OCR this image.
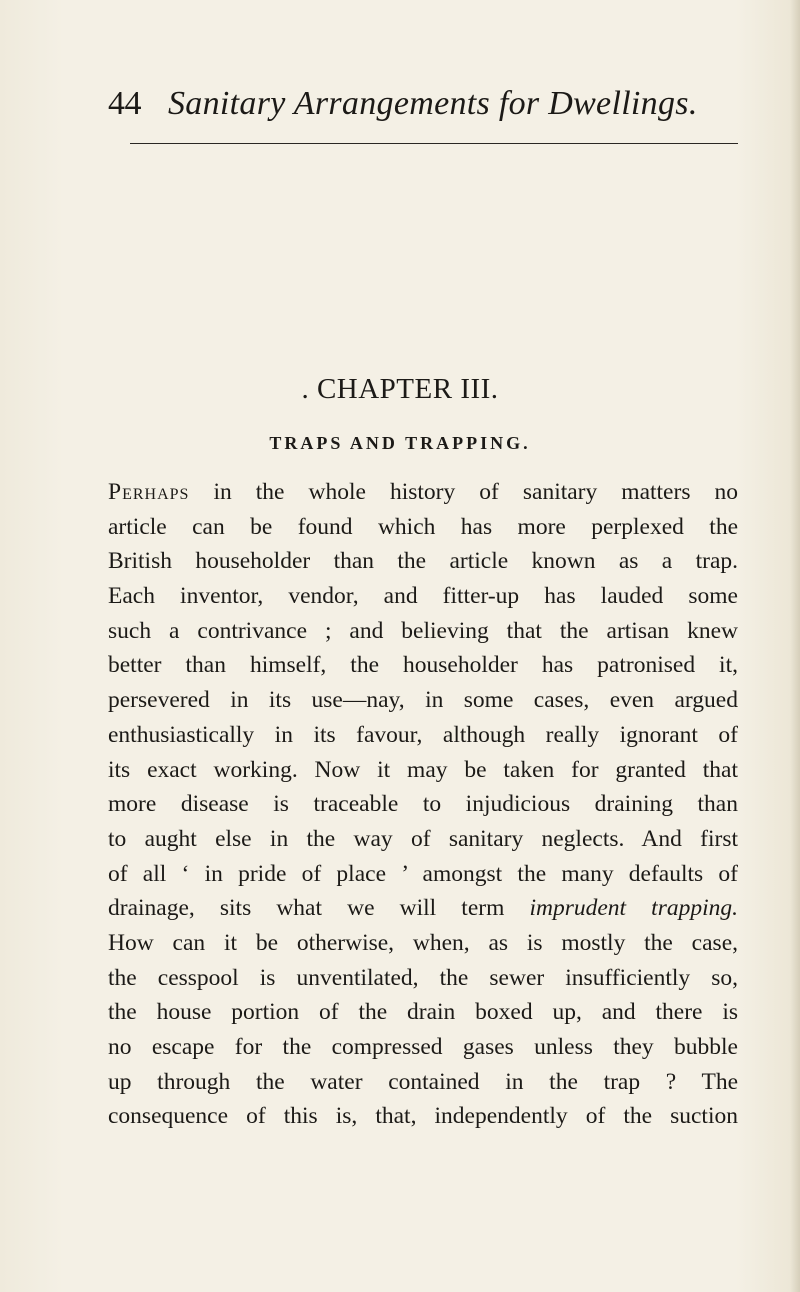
44 Sanitary Arrangements for Dwellings.
. CHAPTER III.
TRAPS AND TRAPPING.
Perhaps in the whole history of sanitary matters no
article can be found which has more perplexed the
British householder than the article known as a trap.
Each inventor, vendor, and fitter-up has lauded some
such a contrivance ; and believing that the artisan knew
better than himself, the householder has patronised it,
persevered in its use—nay, in some cases, even argued
enthusiastically in its favour, although really ignorant of
its exact working. Now it may be taken for granted that
more disease is traceable to injudicious draining than
to aught else in the way of sanitary neglects. And first
of all ‘ in pride of place ’ amongst the many defaults of
drainage, sits what we will term imprudent trapping.
How can it be otherwise, when, as is mostly the case,
the cesspool is unventilated, the sewer insufficiently so,
the house portion of the drain boxed up, and there is
no escape for the compressed gases unless they bubble
up through the water contained in the trap ? The
consequence of this is, that, independently of the suction
